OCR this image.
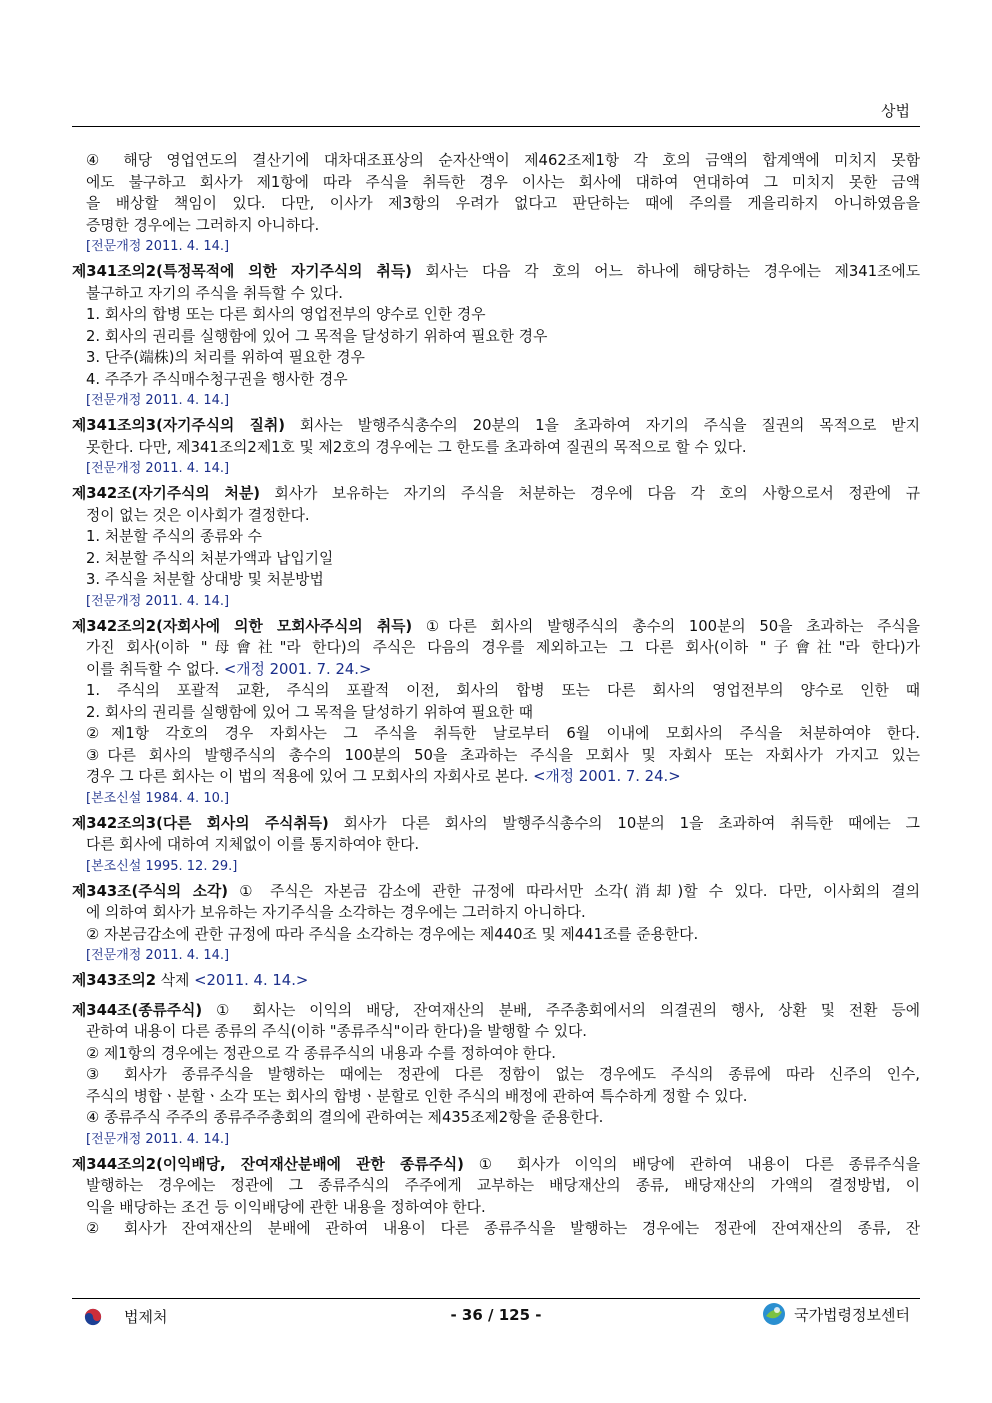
상법
④ 해당 영업연도의 결산기에 대차대조표상의 순자산액이 제462조제1항 각 호의 금액의 합계액에 미치지 못함
에도 불구하고 회사가 제1항에 따라 주식을 취득한 경우 이사는 회사에 대하여 연대하여 그 미치지 못한 금액
을 배상할 책임이 있다. 다만, 이사가 제3항의 우려가 없다고 판단하는 때에 주의를 게을리하지 아니하였음을
증명한 경우에는 그러하지 아니하다.
[전문개정 2011. 4. 14.]
제341조의2(특정목적에 의한 자기주식의 취득) 회사는 다음 각 호의 어느 하나에 해당하는 경우에는 제341조에도
불구하고 자기의 주식을 취득할 수 있다.
1. 회사의 합병 또는 다른 회사의 영업전부의 양수로 인한 경우
2. 회사의 권리를 실행함에 있어 그 목적을 달성하기 위하여 필요한 경우
3. 단주(端株)의 처리를 위하여 필요한 경우
4. 주주가 주식매수청구권을 행사한 경우
[전문개정 2011. 4. 14.]
제341조의3(자기주식의 질취) 회사는 발행주식총수의 20분의 1을 초과하여 자기의 주식을 질권의 목적으로 받지
못한다. 다만, 제341조의2제1호 및 제2호의 경우에는 그 한도를 초과하여 질권의 목적으로 할 수 있다.
[전문개정 2011. 4. 14.]
제342조(자기주식의 처분) 회사가 보유하는 자기의 주식을 처분하는 경우에 다음 각 호의 사항으로서 정관에 규
정이 없는 것은 이사회가 결정한다.
1. 처분할 주식의 종류와 수
2. 처분할 주식의 처분가액과 납입기일
3. 주식을 처분할 상대방 및 처분방법
[전문개정 2011. 4. 14.]
제342조의2(자회사에 의한 모회사주식의 취득) ①다른 회사의 발행주식의 총수의 100분의 50을 초과하는 주식을
가진 회사(이하 "母會社"라 한다)의 주식은 다음의 경우를 제외하고는 그 다른 회사(이하 "子會社"라 한다)가
이를 취득할 수 없다. <개정 2001. 7. 24.>
1. 주식의 포괄적 교환, 주식의 포괄적 이전, 회사의 합병 또는 다른 회사의 영업전부의 양수로 인한 때
2. 회사의 권리를 실행함에 있어 그 목적을 달성하기 위하여 필요한 때
②제1항 각호의 경우 자회사는 그 주식을 취득한 날로부터 6월 이내에 모회사의 주식을 처분하여야 한다.
③다른 회사의 발행주식의 총수의 100분의 50을 초과하는 주식을 모회사 및 자회사 또는 자회사가 가지고 있는
경우 그 다른 회사는 이 법의 적용에 있어 그 모회사의 자회사로 본다. <개정 2001. 7. 24.>
[본조신설 1984. 4. 10.]
제342조의3(다른 회사의 주식취득) 회사가 다른 회사의 발행주식총수의 10분의 1을 초과하여 취득한 때에는 그
다른 회사에 대하여 지체없이 이를 통지하여야 한다.
[본조신설 1995. 12. 29.]
제343조(주식의 소각) ① 주식은 자본금 감소에 관한 규정에 따라서만 소각(消却)할 수 있다. 다만, 이사회의 결의
에 의하여 회사가 보유하는 자기주식을 소각하는 경우에는 그러하지 아니하다.
② 자본금감소에 관한 규정에 따라 주식을 소각하는 경우에는 제440조 및 제441조를 준용한다.
[전문개정 2011. 4. 14.]
제343조의2 삭제 <2011. 4. 14.>
제344조(종류주식) ① 회사는 이익의 배당, 잔여재산의 분배, 주주총회에서의 의결권의 행사, 상환 및 전환 등에
관하여 내용이 다른 종류의 주식(이하 "종류주식"이라 한다)을 발행할 수 있다.
② 제1항의 경우에는 정관으로 각 종류주식의 내용과 수를 정하여야 한다.
③ 회사가 종류주식을 발행하는 때에는 정관에 다른 정함이 없는 경우에도 주식의 종류에 따라 신주의 인수,
주식의 병합ㆍ분할ㆍ소각 또는 회사의 합병ㆍ분할로 인한 주식의 배정에 관하여 특수하게 정할 수 있다.
④ 종류주식 주주의 종류주주총회의 결의에 관하여는 제435조제2항을 준용한다.
[전문개정 2011. 4. 14.]
제344조의2(이익배당, 잔여재산분배에 관한 종류주식) ① 회사가 이익의 배당에 관하여 내용이 다른 종류주식을
발행하는 경우에는 정관에 그 종류주식의 주주에게 교부하는 배당재산의 종류, 배당재산의 가액의 결정방법, 이
익을 배당하는 조건 등 이익배당에 관한 내용을 정하여야 한다.
② 회사가 잔여재산의 분배에 관하여 내용이 다른 종류주식을 발행하는 경우에는 정관에 잔여재산의 종류, 잔
법제처	- 36 / 125 -	국가법령정보센터
